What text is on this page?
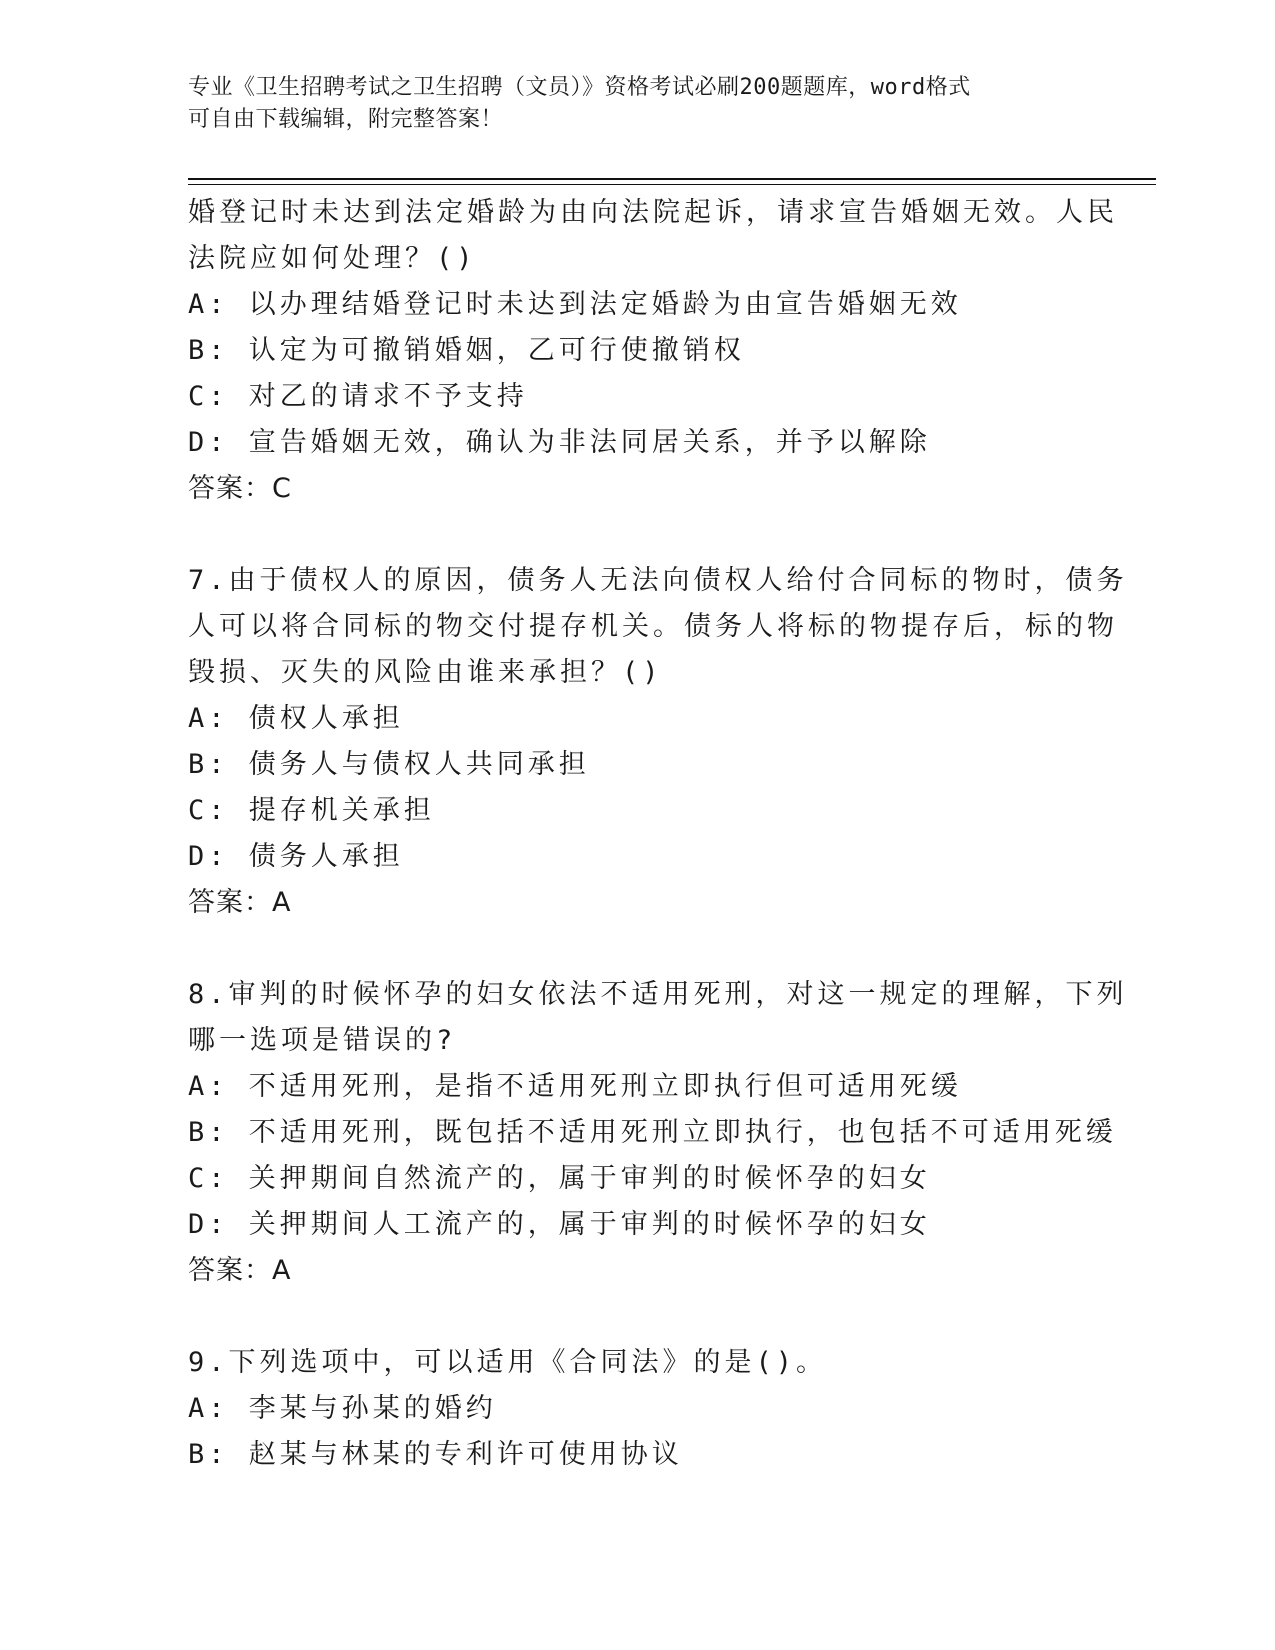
专业《卫生招聘考试之卫生招聘（文员）》资格考试必刷200题题库，word格式
可自由下载编辑，附完整答案！
婚登记时未达到法定婚龄为由向法院起诉，请求宣告婚姻无效。人民
法院应如何处理？()
A: 以办理结婚登记时未达到法定婚龄为由宣告婚姻无效
B: 认定为可撤销婚姻，乙可行使撤销权
C: 对乙的请求不予支持
D: 宣告婚姻无效，确认为非法同居关系，并予以解除
答案：C
7.由于债权人的原因，债务人无法向债权人给付合同标的物时，债务
人可以将合同标的物交付提存机关。债务人将标的物提存后，标的物
毁损、灭失的风险由谁来承担？()
A: 债权人承担
B: 债务人与债权人共同承担
C: 提存机关承担
D: 债务人承担
答案：A
8.审判的时候怀孕的妇女依法不适用死刑，对这一规定的理解，下列
哪一选项是错误的?
A: 不适用死刑，是指不适用死刑立即执行但可适用死缓
B: 不适用死刑，既包括不适用死刑立即执行，也包括不可适用死缓
C: 关押期间自然流产的，属于审判的时候怀孕的妇女
D: 关押期间人工流产的，属于审判的时候怀孕的妇女
答案：A
9.下列选项中，可以适用《合同法》的是()。
A: 李某与孙某的婚约
B: 赵某与林某的专利许可使用协议
